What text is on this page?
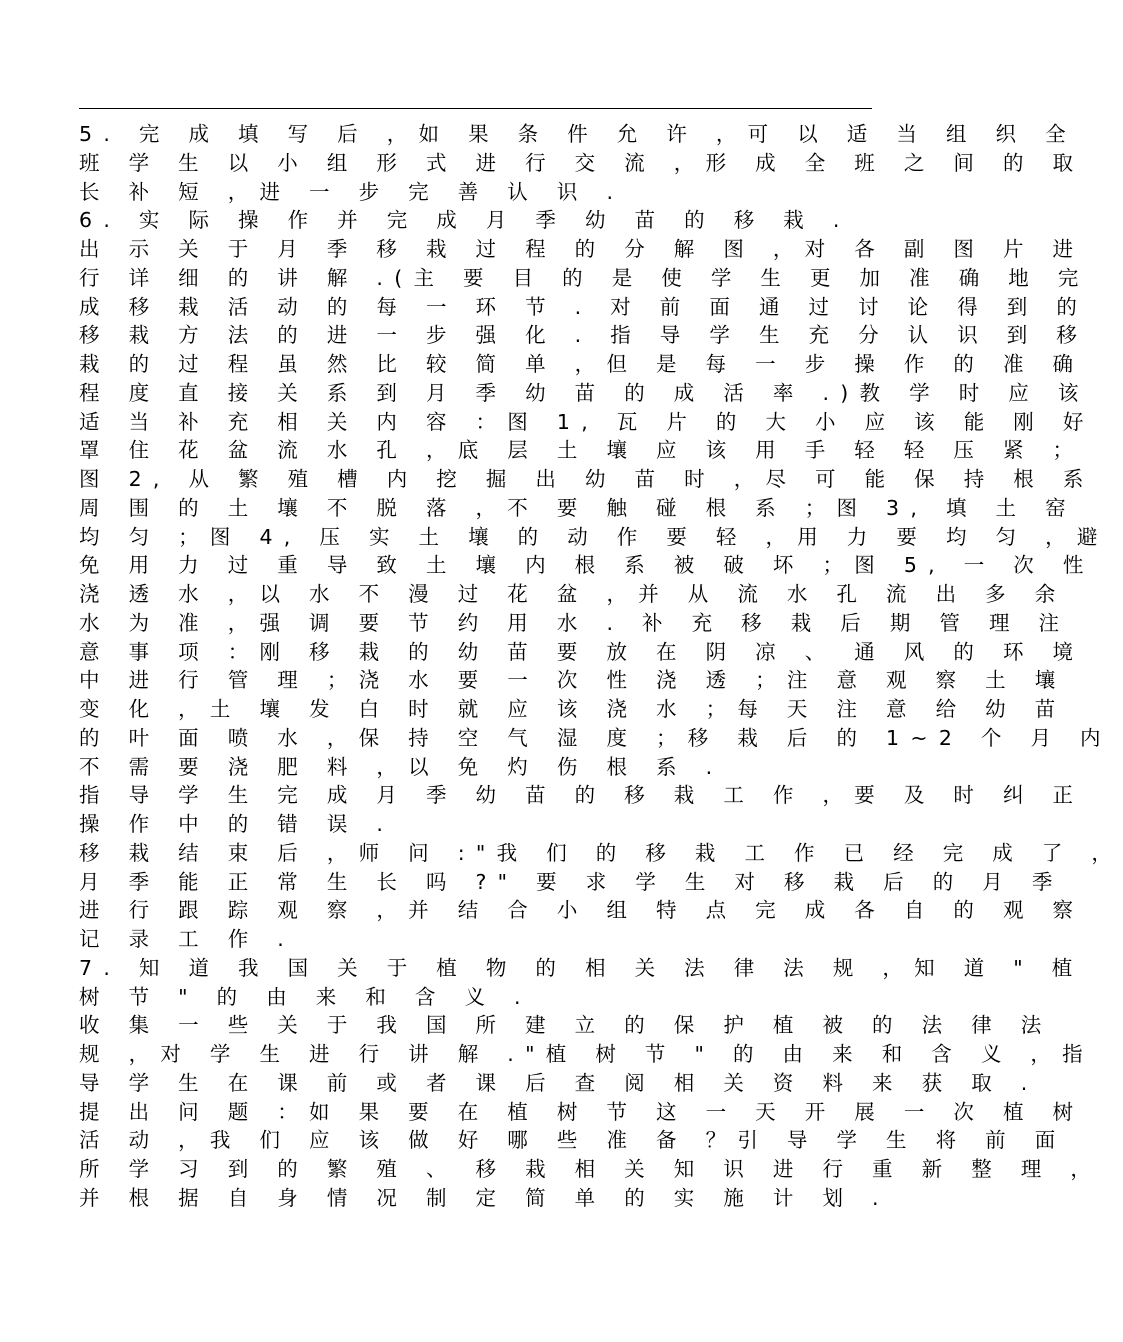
5. 完 成 填 写 后 ，如 果 条 件 允 许 ，可 以 适 当 组 织 全
班 学 生 以 小 组 形 式 进 行 交 流 ，形 成 全 班 之 间 的 取
长 补 短 ，进 一 步 完 善 认 识 .
6. 实 际 操 作 并 完 成 月 季 幼 苗 的 移 栽 .
出 示 关 于 月 季 移 栽 过 程 的 分 解 图 ，对 各 副 图 片 进
行 详 细 的 讲 解 .(主 要 目 的 是 使 学 生 更 加 准 确 地 完
成 移 栽 活 动 的 每 一 环 节 . 对 前 面 通 过 讨 论 得 到 的
移 栽 方 法 的 进 一 步 强 化 . 指 导 学 生 充 分 认 识 到 移
栽 的 过 程 虽 然 比 较 简 单 ，但 是 每 一 步 操 作 的 准 确
程 度 直 接 关 系 到 月 季 幼 苗 的 成 活 率 .)教 学 时 应 该
适 当 补 充 相 关 内 容 ：图 1, 瓦 片 的 大 小 应 该 能 刚 好
罩 住 花 盆 流 水 孔 ，底 层 土 壤 应 该 用 手 轻 轻 压 紧 ；
图 2, 从 繁 殖 槽 内 挖 掘 出 幼 苗 时 ，尽 可 能 保 持 根 系
周 围 的 土 壤 不 脱 落 ，不 要 触 碰 根 系 ；图 3, 填 土 窑
均 匀 ；图 4, 压 实 土 壤 的 动 作 要 轻 ，用 力 要 均 匀 ，避
免 用 力 过 重 导 致 土 壤 内 根 系 被 破 坏 ；图 5, 一 次 性
浇 透 水 ，以 水 不 漫 过 花 盆 ，并 从 流 水 孔 流 出 多 余
水 为 准 ，强 调 要 节 约 用 水 . 补 充 移 栽 后 期 管 理 注
意 事 项 ：刚 移 栽 的 幼 苗 要 放 在 阴 凉 、 通 风 的 环 境
中 进 行 管 理 ；浇 水 要 一 次 性 浇 透 ；注 意 观 察 土 壤
变 化 ，土 壤 发 白 时 就 应 该 浇 水 ；每 天 注 意 给 幼 苗
的 叶 面 喷 水 ，保 持 空 气 湿 度 ；移 栽 后 的 1~2 个 月 内
不 需 要 浇 肥 料 ，以 免 灼 伤 根 系 .
指 导 学 生 完 成 月 季 幼 苗 的 移 栽 工 作 ，要 及 时 纠 正
操 作 中 的 错 误 .
移 栽 结 束 后 ，师 问 :"我 们 的 移 栽 工 作 已 经 完 成 了 ，
月 季 能 正 常 生 长 吗 ?" 要 求 学 生 对 移 栽 后 的 月 季
进 行 跟 踪 观 察 ，并 结 合 小 组 特 点 完 成 各 自 的 观 察
记 录 工 作 .
7. 知 道 我 国 关 于 植 物 的 相 关 法 律 法 规 ，知 道 " 植
树 节 " 的 由 来 和 含 义 .
收 集 一 些 关 于 我 国 所 建 立 的 保 护 植 被 的 法 律 法
规 ，对 学 生 进 行 讲 解 ."植 树 节 " 的 由 来 和 含 义 ，指
导 学 生 在 课 前 或 者 课 后 查 阅 相 关 资 料 来 获 取 .
提 出 问 题 ：如 果 要 在 植 树 节 这 一 天 开 展 一 次 植 树
活 动 ，我 们 应 该 做 好 哪 些 准 备 ？引 导 学 生 将 前 面
所 学 习 到 的 繁 殖 、 移 栽 相 关 知 识 进 行 重 新 整 理 ，
并 根 据 自 身 情 况 制 定 简 单 的 实 施 计 划 .
